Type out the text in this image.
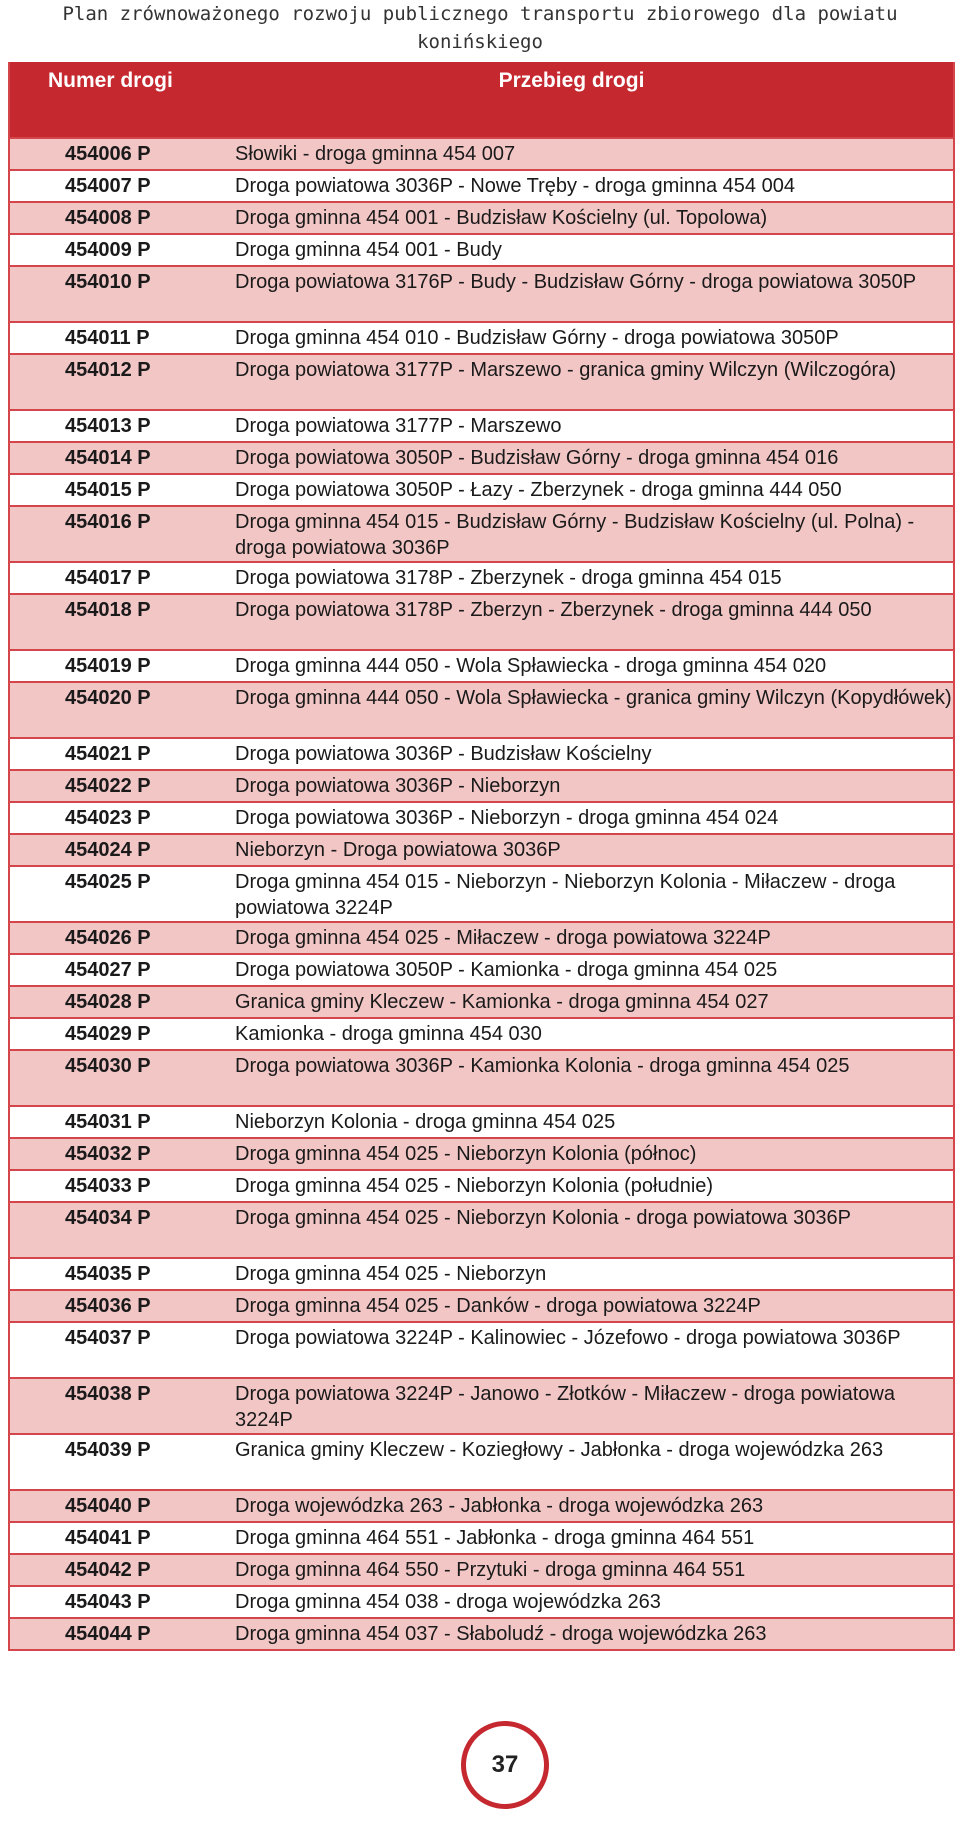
Plan zrównoważonego rozwoju publicznego transportu zbiorowego dla powiatu konińskiego
Numer drogi	Przebieg drogi
454006 P	Słowiki - droga gminna 454 007
454007 P	Droga powiatowa 3036P - Nowe Tręby - droga gminna 454 004
454008 P	Droga gminna 454 001 - Budzisław Kościelny (ul. Topolowa)
454009 P	Droga gminna 454 001 - Budy
454010 P	Droga powiatowa 3176P - Budy - Budzisław Górny - droga powiatowa 3050P
454011 P	Droga gminna 454 010 - Budzisław Górny - droga powiatowa 3050P
454012 P	Droga powiatowa 3177P - Marszewo - granica gminy Wilczyn (Wilczogóra)
454013 P	Droga powiatowa 3177P - Marszewo
454014 P	Droga powiatowa 3050P - Budzisław Górny - droga gminna 454 016
454015 P	Droga powiatowa 3050P - Łazy - Zberzynek - droga gminna 444 050
454016 P	Droga gminna 454 015 - Budzisław Górny - Budzisław Kościelny (ul. Polna) - droga powiatowa 3036P
454017 P	Droga powiatowa 3178P - Zberzynek - droga gminna 454 015
454018 P	Droga powiatowa 3178P - Zberzyn - Zberzynek - droga gminna 444 050
454019 P	Droga gminna 444 050 - Wola Spławiecka - droga gminna 454 020
454020 P	Droga gminna 444 050 - Wola Spławiecka - granica gminy Wilczyn (Kopydłówek)
454021 P	Droga powiatowa 3036P - Budzisław Kościelny
454022 P	Droga powiatowa 3036P - Nieborzyn
454023 P	Droga powiatowa 3036P - Nieborzyn - droga gminna 454 024
454024 P	Nieborzyn - Droga powiatowa 3036P
454025 P	Droga gminna 454 015 - Nieborzyn - Nieborzyn Kolonia - Miłaczew - droga powiatowa 3224P
454026 P	Droga gminna 454 025 - Miłaczew - droga powiatowa 3224P
454027 P	Droga powiatowa 3050P - Kamionka - droga gminna 454 025
454028 P	Granica gminy Kleczew - Kamionka - droga gminna 454 027
454029 P	Kamionka - droga gminna 454 030
454030 P	Droga powiatowa 3036P - Kamionka Kolonia - droga gminna 454 025
454031 P	Nieborzyn Kolonia - droga gminna 454 025
454032 P	Droga gminna 454 025 - Nieborzyn Kolonia (północ)
454033 P	Droga gminna 454 025 - Nieborzyn Kolonia (południe)
454034 P	Droga gminna 454 025 - Nieborzyn Kolonia - droga powiatowa 3036P
454035 P	Droga gminna 454 025 - Nieborzyn
454036 P	Droga gminna 454 025 - Danków - droga powiatowa 3224P
454037 P	Droga powiatowa 3224P - Kalinowiec - Józefowo - droga powiatowa 3036P
454038 P	Droga powiatowa 3224P - Janowo - Złotków - Miłaczew - droga powiatowa 3224P
454039 P	Granica gminy Kleczew - Koziegłowy - Jabłonka - droga wojewódzka 263
454040 P	Droga wojewódzka 263 - Jabłonka - droga wojewódzka 263
454041 P	Droga gminna 464 551 - Jabłonka - droga gminna 464 551
454042 P	Droga gminna 464 550 - Przytuki - droga gminna 464 551
454043 P	Droga gminna 454 038 - droga wojewódzka 263
454044 P	Droga gminna 454 037 - Słaboludź - droga wojewódzka 263
37
